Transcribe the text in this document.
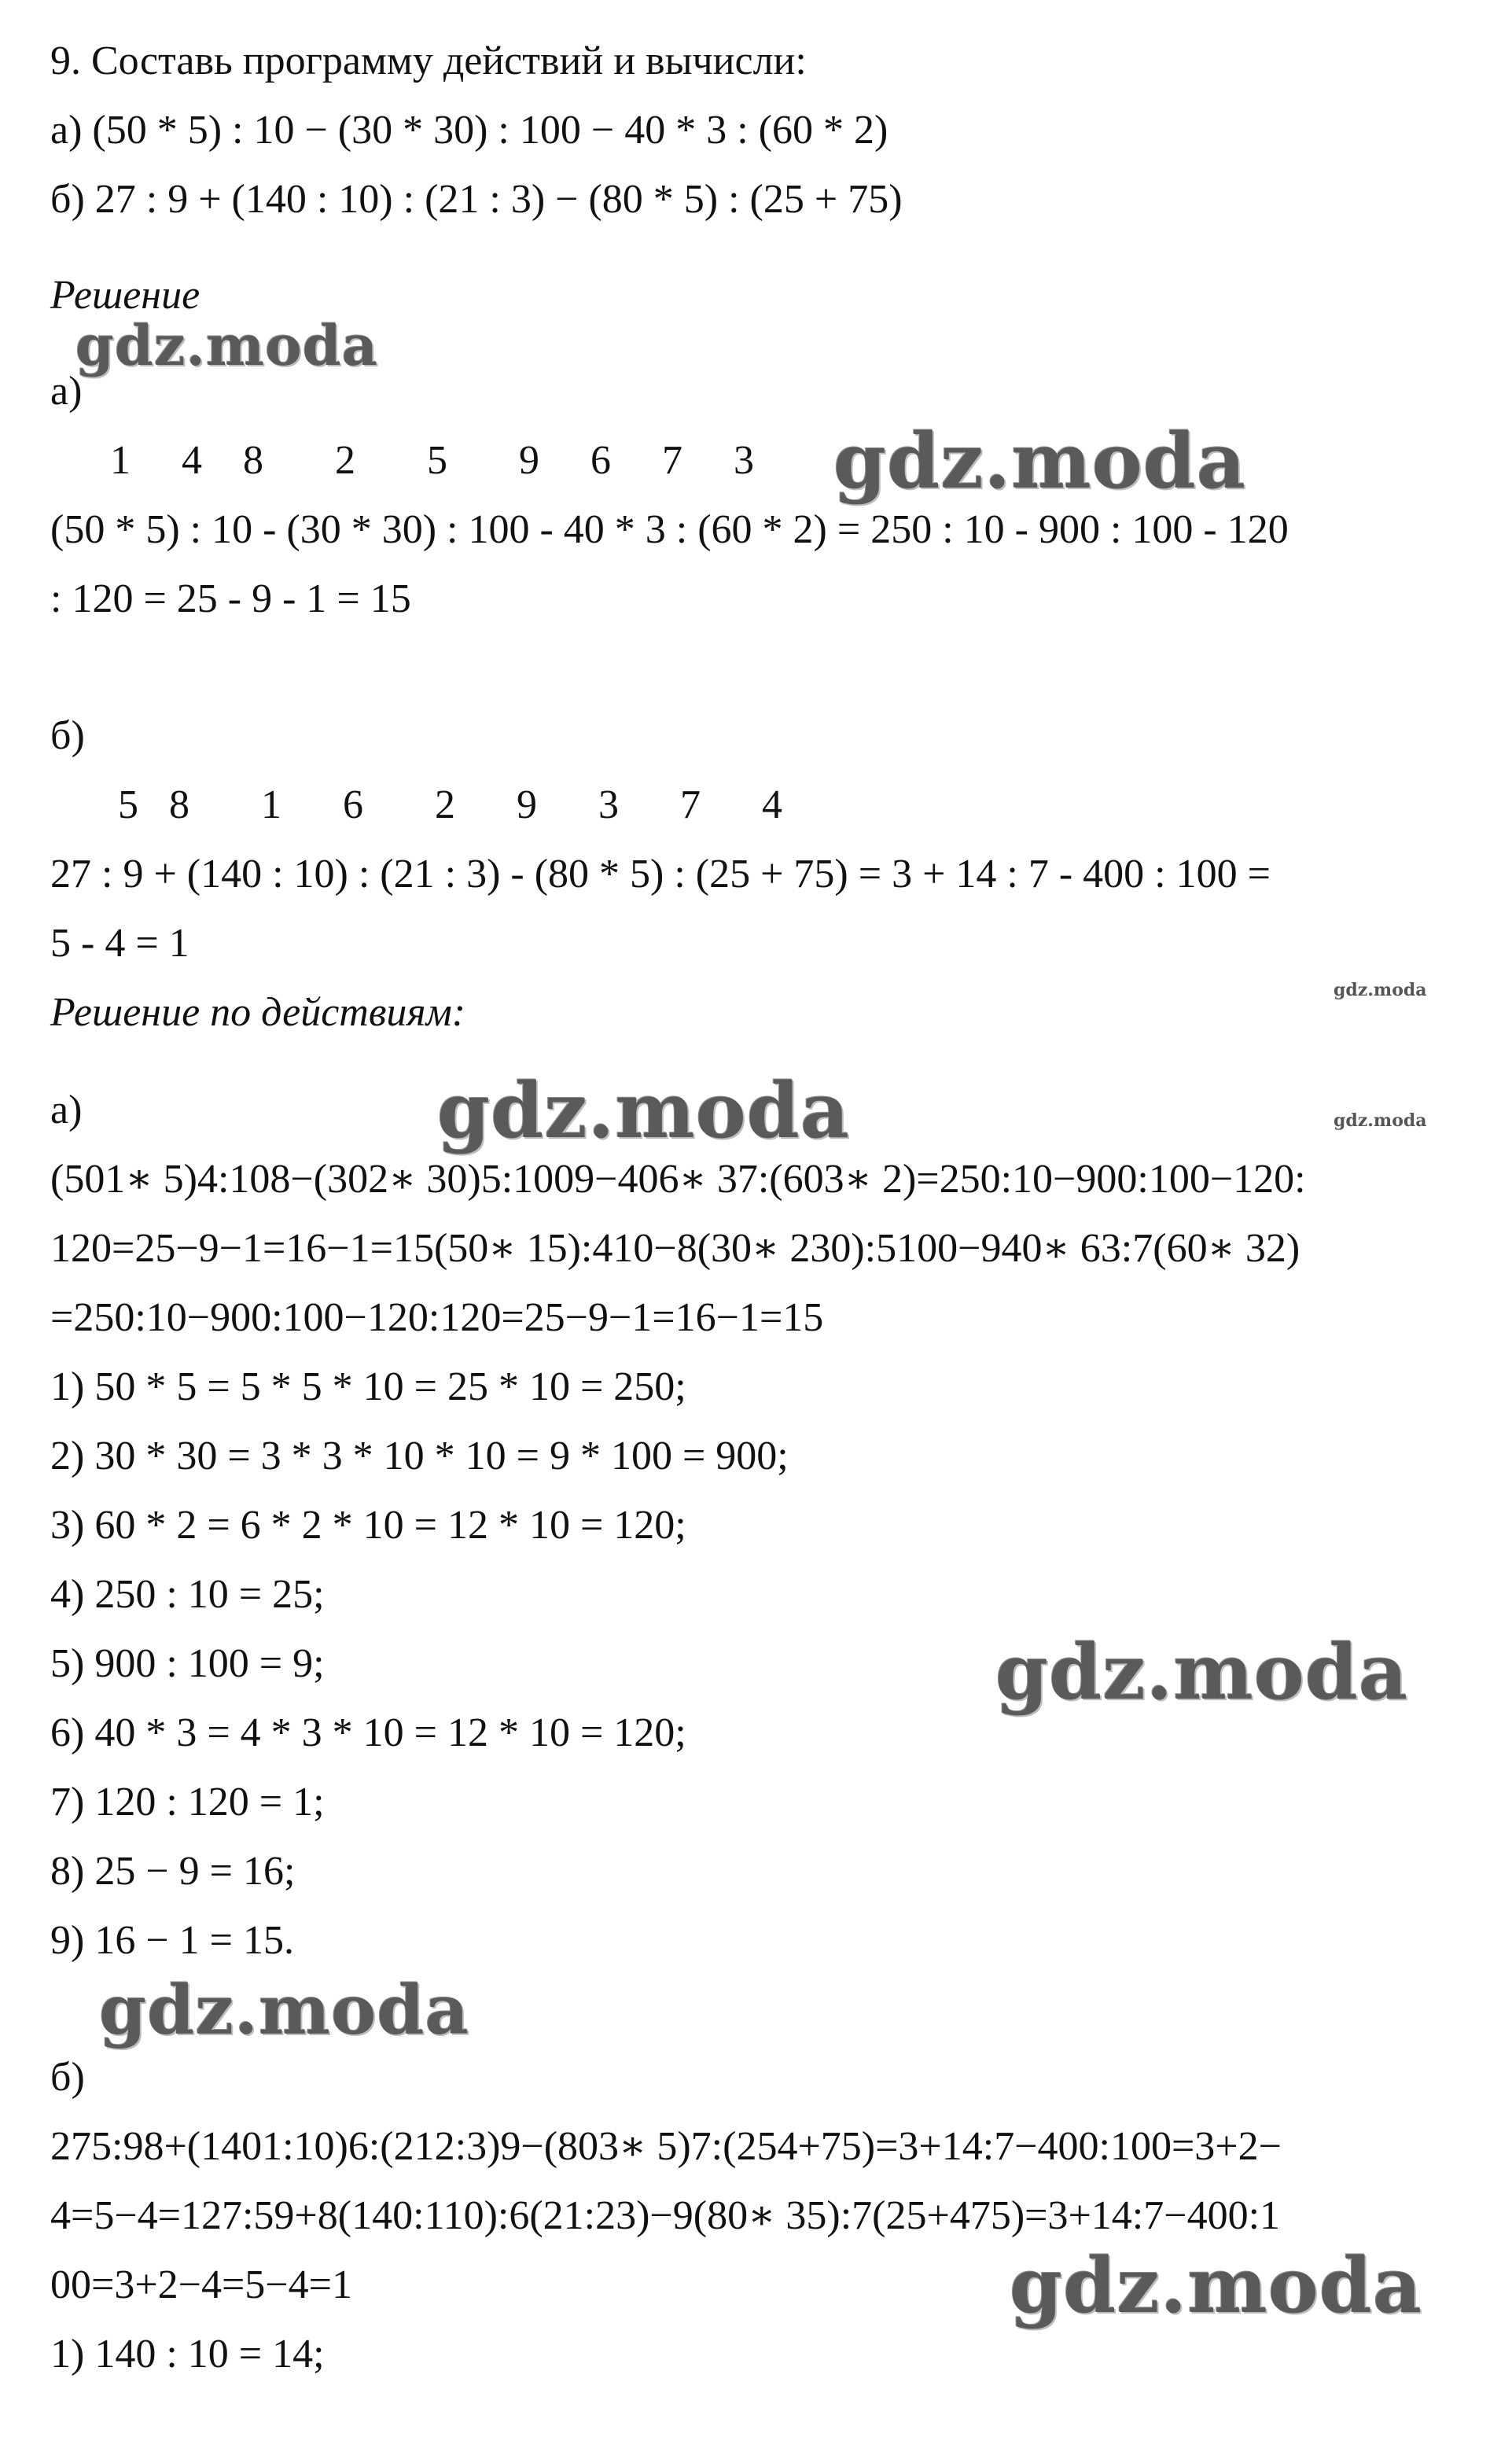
9. Составь программу действий и вычисли:

а) (50 * 5) : 10 − (30 * 30) : 100 − 40 * 3 : (60 * 2)

б) 27 : 9 + (140 : 10) : (21 : 3) − (80 * 5) : (25 + 75)

Решение

а)

1     4    8       2       5       9     6     7     3

(50 * 5) : 10 - (30 * 30) : 100 - 40 * 3 : (60 * 2) = 250 : 10 - 900 : 100 - 120

: 120 = 25 - 9 - 1 = 15

б)

5   8       1      6       2      9      3      7      4

27 : 9 + (140 : 10) : (21 : 3) - (80 * 5) : (25 + 75) = 3 + 14 : 7 - 400 : 100 =

5 - 4 = 1

Решение по действиям:

а)

(501∗ 5)4:108−(302∗ 30)5:1009−406∗ 37:(603∗ 2)=250:10−900:100−120:

120=25−9−1=16−1=15(50∗ 15):410−8(30∗ 230):5100−940∗ 63:7(60∗ 32)

=250:10−900:100−120:120=25−9−1=16−1=15

1) 50 * 5 = 5 * 5 * 10 = 25 * 10 = 250;

2) 30 * 30 = 3 * 3 * 10 * 10 = 9 * 100 = 900;

3) 60 * 2 = 6 * 2 * 10 = 12 * 10 = 120;

4) 250 : 10 = 25;

5) 900 : 100 = 9;

6) 40 * 3 = 4 * 3 * 10 = 12 * 10 = 120;

7) 120 : 120 = 1;

8) 25 − 9 = 16;

9) 16 − 1 = 15.

б)

275:98+(1401:10)6:(212:3)9−(803∗ 5)7:(254+75)=3+14:7−400:100=3+2−

4=5−4=127:59+8(140:110):6(21:23)−9(80∗ 35):7(25+475)=3+14:7−400:1

00=3+2−4=5−4=1

1) 140 : 10 = 14;

gdz.moda
gdz.moda
gdz.moda
gdz.moda	gdz.moda
gdz.moda
gdz.moda
gdz.moda
